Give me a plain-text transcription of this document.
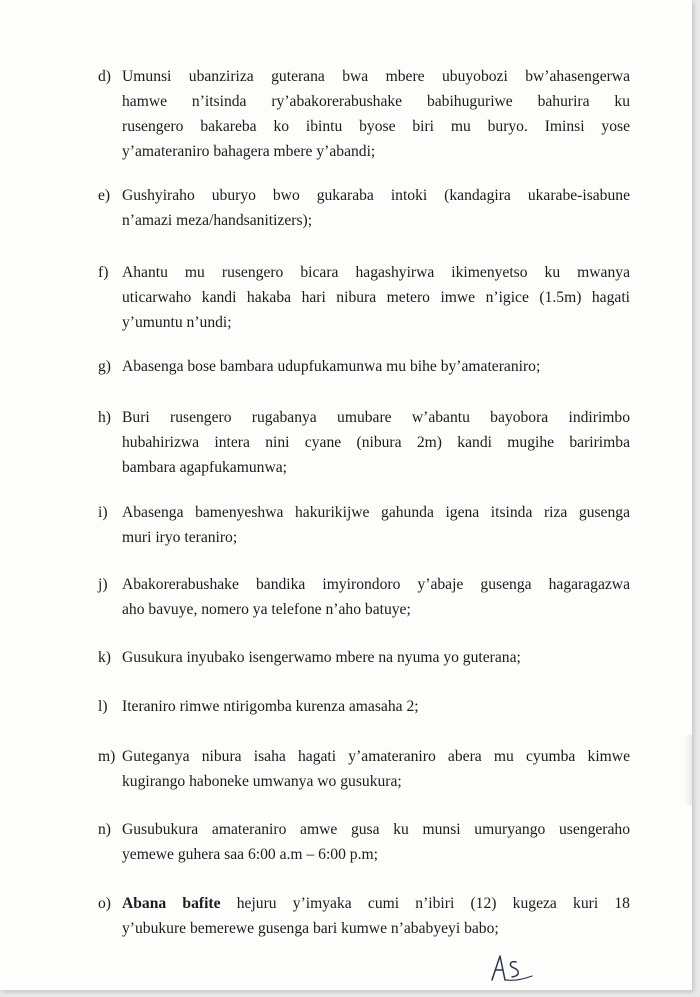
d) Umunsi ubanziriza guterana bwa mbere ubuyobozi bw’ahasengerwa
hamwe n’itsinda ry’abakorerabushake babihuguriwe bahurira ku
rusengero bakareba ko ibintu byose biri mu buryo. Iminsi yose
y’amateraniro bahagera mbere y’abandi;
e) Gushyiraho uburyo bwo gukaraba intoki (kandagira ukarabe-isabune
n’amazi meza/handsanitizers);
f) Ahantu mu rusengero bicara hagashyirwa ikimenyetso ku mwanya
uticarwaho kandi hakaba hari nibura metero imwe n’igice (1.5m) hagati
y’umuntu n’undi;
g) Abasenga bose bambara udupfukamunwa mu bihe by’amateraniro;
h) Buri rusengero rugabanya umubare w’abantu bayobora indirimbo
hubahirizwa intera nini cyane (nibura 2m) kandi mugihe baririmba
bambara agapfukamunwa;
i) Abasenga bamenyeshwa hakurikijwe gahunda igena itsinda riza gusenga
muri iryo teraniro;
j) Abakorerabushake bandika imyirondoro y’abaje gusenga hagaragazwa
aho bavuye, nomero ya telefone n’aho batuye;
k) Gusukura inyubako isengerwamo mbere na nyuma yo guterana;
l) Iteraniro rimwe ntirigomba kurenza amasaha 2;
m) Guteganya nibura isaha hagati y’amateraniro abera mu cyumba kimwe
kugirango haboneke umwanya wo gusukura;
n) Gusubukura amateraniro amwe gusa ku munsi umuryango usengeraho
yemewe guhera saa 6:00 a.m – 6:00 p.m;
o) Abana bafite hejuru y’imyaka cumi n’ibiri (12) kugeza kuri 18
y’ubukure bemerewe gusenga bari kumwe n’ababyeyi babo;
